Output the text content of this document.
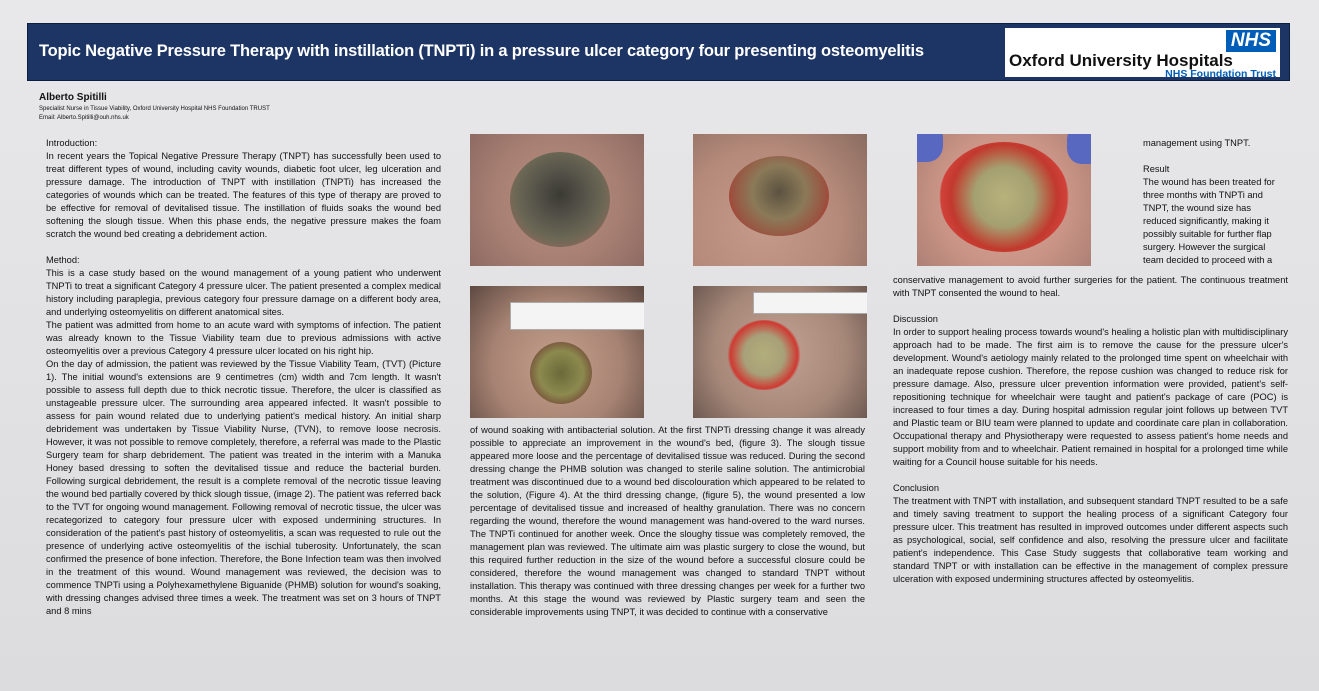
Topic Negative Pressure Therapy with instillation (TNPTi) in a pressure ulcer category four presenting osteomyelitis	NHS
Oxford University Hospitals
NHS Foundation Trust
Alberto Spitilli
Specialist Nurse in Tissue Viability, Oxford University Hospital NHS Foundation TRUST
Email: Alberto.Spitilli@ouh.nhs.uk

Introduction:

In recent years the Topical Negative Pressure Therapy (TNPT) has successfully been used to treat different types of wound, including cavity wounds, diabetic foot ulcer, leg ulceration and pressure damage. The introduction of TNPT with instillation (TNPTi) has increased the categories of wounds which can be treated. The features of this type of therapy are proved to be effective for removal of devitalised tissue. The instillation of fluids soaks the wound bed softening the slough tissue. When this phase ends, the negative pressure makes the foam scratch the wound bed creating a debridement action.

Method:

This is a case study based on the wound management of a young patient who underwent TNPTi to treat a significant Category 4 pressure ulcer. The patient presented a complex medical history including paraplegia, previous category four pressure damage on a different body area, and underlying osteomyelitis on different anatomical sites.

The patient was admitted from home to an acute ward with symptoms of infection. The patient was already known to the Tissue Viability team due to previous admissions with active osteomyelitis over a previous Category 4 pressure ulcer located on his right hip.

On the day of admission, the patient was reviewed by the Tissue Viability Team, (TVT) (Picture 1). The initial wound's extensions are 9 centimetres (cm) width and 7cm length. It wasn't possible to assess full depth due to thick necrotic tissue. Therefore, the ulcer is classified as unstageable pressure ulcer. The surrounding area appeared infected. It wasn't possible to assess for pain wound related due to underlying patient's medical history. An initial sharp debridement was undertaken by Tissue Viability Nurse, (TVN), to remove loose necrosis. However, it was not possible to remove completely, therefore, a referral was made to the Plastic Surgery team for sharp debridement. The patient was treated in the interim with a Manuka Honey based dressing to soften the devitalised tissue and reduce the bacterial burden. Following surgical debridement, the result is a complete removal of the necrotic tissue leaving the wound bed partially covered by thick slough tissue, (image 2). The patient was referred back to the TVT for ongoing wound management. Following removal of necrotic tissue, the ulcer was recategorized to category four pressure ulcer with exposed undermining structures. In consideration of the patient's past history of osteomyelitis, a scan was requested to rule out the presence of underlying active osteomyelitis of the ischial tuberosity. Unfortunately, the scan confirmed the presence of bone infection. Therefore, the Bone Infection team was then involved in the treatment of this wound. Wound management was reviewed, the decision was to commence TNPTi using a Polyhexamethylene Biguanide (PHMB) solution for wound's soaking, with dressing changes advised three times a week. The treatment was set on 3 hours of TNPT and 8 mins

of wound soaking with antibacterial solution. At the first TNPTi dressing change it was already possible to appreciate an improvement in the wound's bed, (figure 3). The slough tissue appeared more loose and the percentage of devitalised tissue was reduced. During the second dressing change the PHMB solution was changed to sterile saline solution. The antimicrobial treatment was discontinued due to a wound bed discolouration which appeared to be related to the solution, (Figure 4). At the third dressing change, (figure 5), the wound presented a low percentage of devitalised tissue and increased of healthy granulation. There was no concern regarding the wound, therefore the wound management was hand-overed to the ward nurses. The TNPTi continued for another week. Once the sloughy tissue was completely removed, the management plan was reviewed. The ultimate aim was plastic surgery to close the wound, but this required further reduction in the size of the wound before a successful closure could be considered, therefore the wound management was changed to standard TNPT without installation. This therapy was continued with three dressing changes per week for a further two months. At this stage the wound was reviewed by Plastic surgery team and seen the considerable improvements using TNPT, it was decided to continue with a conservative

management using TNPT.

Result

The wound has been treated for three months with TNPTi and TNPT, the wound size has reduced significantly, making it possibly suitable for further flap surgery. However the surgical team decided to proceed with a

conservative management to avoid further surgeries for the patient. The continuous treatment with TNPT consented the wound to heal.

Discussion

In order to support healing process towards wound's healing a holistic plan with multidisciplinary approach had to be made. The first aim is to remove the cause for the pressure ulcer's development. Wound's aetiology mainly related to the prolonged time spent on wheelchair with an inadequate repose cushion. Therefore, the repose cushion was changed to reduce risk for pressure damage. Also, pressure ulcer prevention information were provided, patient's self-repositioning technique for wheelchair were taught and patient's package of care (POC) is increased to four times a day. During hospital admission regular joint follows up between TVT and Plastic team or BIU team were planned to update and coordinate care plan in collaboration. Occupational therapy and Physiotherapy were requested to assess patient's home needs and support mobility from and to wheelchair. Patient remained in hospital for a prolonged time while waiting for a Council house suitable for his needs.

Conclusion

The treatment with TNPT with installation, and subsequent standard TNPT resulted to be a safe and timely saving treatment to support the healing process of a significant Category four pressure ulcer. This treatment has resulted in improved outcomes under different aspects such as psychological, social, self confidence and also, resolving the pressure ulcer and facilitate patient's independence. This Case Study suggests that collaborative team working and standard TNPT or with installation can be effective in the management of complex pressure ulceration with exposed undermining structures affected by osteomyelitis.
